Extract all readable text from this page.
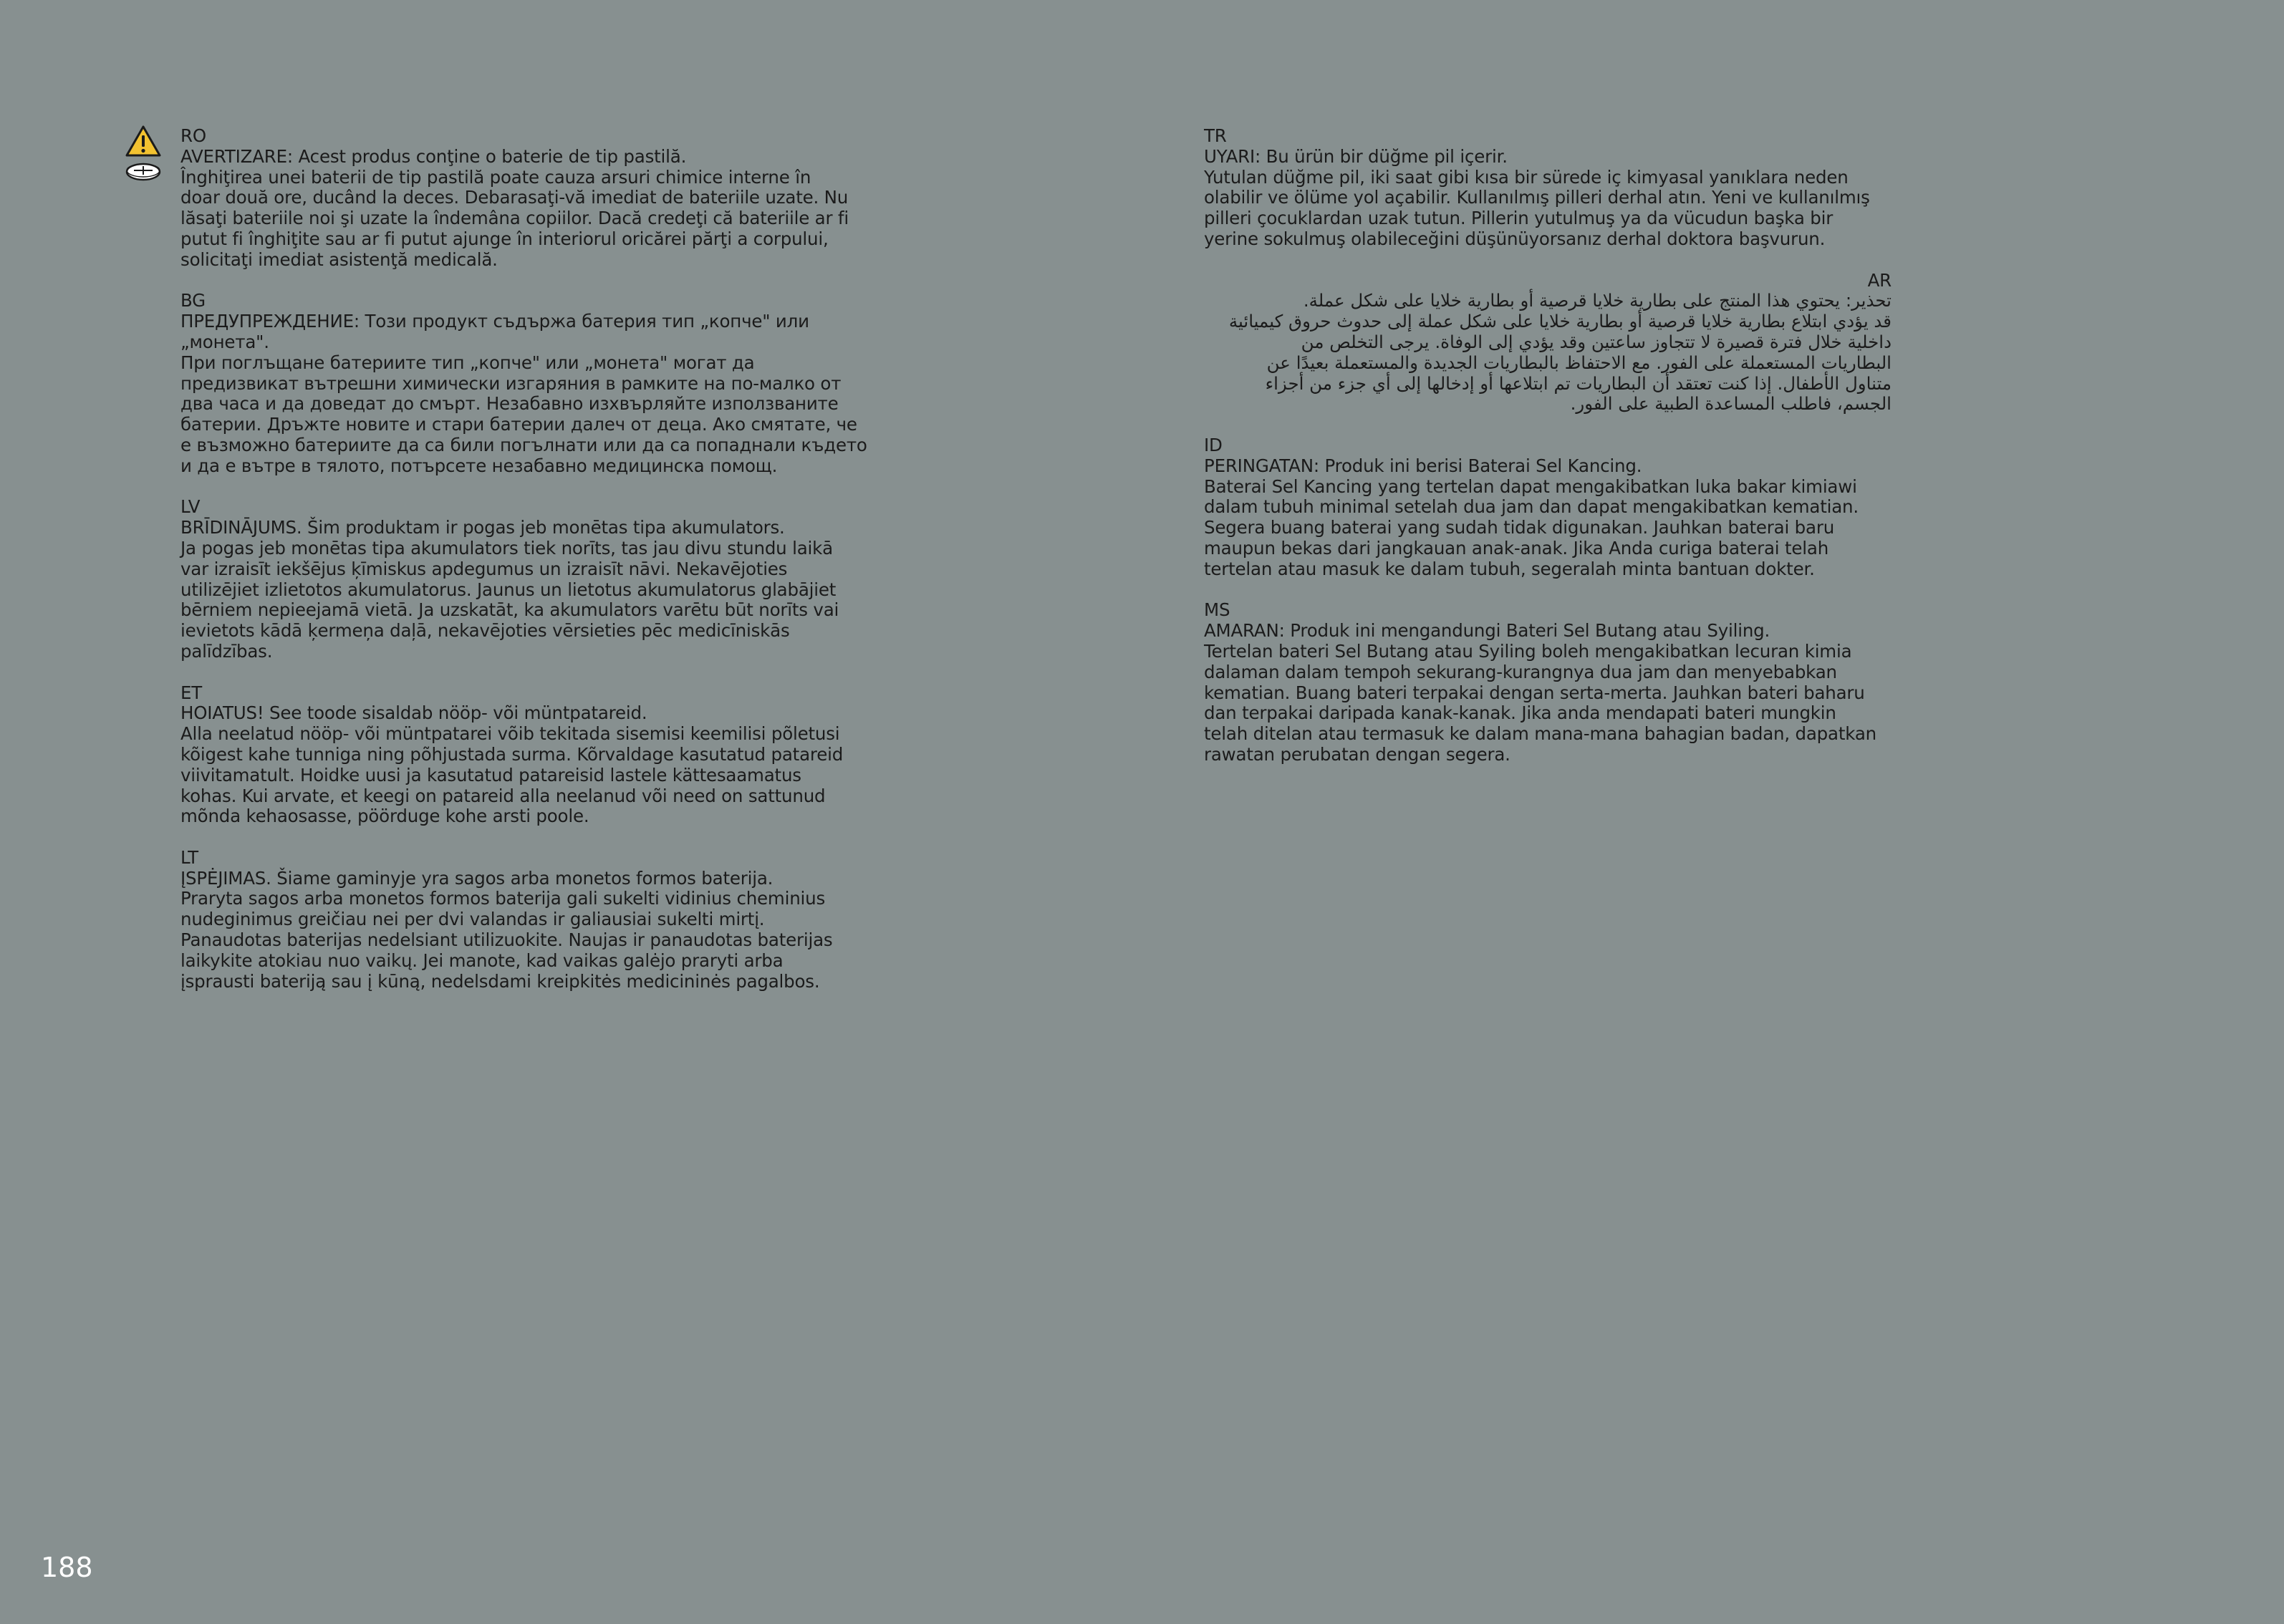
RO

AVERTIZARE: Acest produs conţine o baterie de tip pastilă.

Înghiţirea unei baterii de tip pastilă poate cauza arsuri chimice interne în

doar două ore, ducând la deces. Debarasaţi-vă imediat de bateriile uzate. Nu

lăsaţi bateriile noi şi uzate la îndemâna copiilor. Dacă credeţi că bateriile ar fi

putut fi înghiţite sau ar fi putut ajunge în interiorul oricărei părţi a corpului,

solicitaţi imediat asistenţă medicală.

BG

ПРЕДУПРЕЖДЕНИЕ: Този продукт съдържа батерия тип „копче" или

„монета".

При поглъщане батериите тип „копче" или „монета" могат да

предизвикат вътрешни химически изгаряния в рамките на по-малко от

два часа и да доведат до смърт. Незабавно изхвърляйте използваните

батерии. Дръжте новите и стари батерии далеч от деца. Ако смятате, че

е възможно батериите да са били погълнати или да са попаднали където

и да е вътре в тялото, потърсете незабавно медицинска помощ.

LV

BRĪDINĀJUMS. Šim produktam ir pogas jeb monētas tipa akumulators.

Ja pogas jeb monētas tipa akumulators tiek norīts, tas jau divu stundu laikā

var izraisīt iekšējus ķīmiskus apdegumus un izraisīt nāvi. Nekavējoties

utilizējiet izlietotos akumulatorus. Jaunus un lietotus akumulatorus glabājiet

bērniem nepieejamā vietā. Ja uzskatāt, ka akumulators varētu būt norīts vai

ievietots kādā ķermeņa daļā, nekavējoties vērsieties pēc medicīniskās

palīdzības.

ET

HOIATUS! See toode sisaldab nööp- või müntpatareid.

Alla neelatud nööp- või müntpatarei võib tekitada sisemisi keemilisi põletusi

kõigest kahe tunniga ning põhjustada surma. Kõrvaldage kasutatud patareid

viivitamatult. Hoidke uusi ja kasutatud patareisid lastele kättesaamatus

kohas. Kui arvate, et keegi on patareid alla neelanud või need on sattunud

mõnda kehaosasse, pöörduge kohe arsti poole.

LT

ĮSPĖJIMAS. Šiame gaminyje yra sagos arba monetos formos baterija.

Praryta sagos arba monetos formos baterija gali sukelti vidinius cheminius

nudeginimus greičiau nei per dvi valandas ir galiausiai sukelti mirtį.

Panaudotas baterijas nedelsiant utilizuokite. Naujas ir panaudotas baterijas

laikykite atokiau nuo vaikų. Jei manote, kad vaikas galėjo praryti arba

įsprausti bateriją sau į kūną, nedelsdami kreipkitės medicininės pagalbos.

TR

UYARI: Bu ürün bir düğme pil içerir.

Yutulan düğme pil, iki saat gibi kısa bir sürede iç kimyasal yanıklara neden

olabilir ve ölüme yol açabilir. Kullanılmış pilleri derhal atın. Yeni ve kullanılmış

pilleri çocuklardan uzak tutun. Pillerin yutulmuş ya da vücudun başka bir

yerine sokulmuş olabileceğini düşünüyorsanız derhal doktora başvurun.

AR

تحذير: يحتوي هذا المنتج على بطارية خلايا قرصية أو بطارية خلايا على شكل عملة.

قد يؤدي ابتلاع بطارية خلايا قرصية أو بطارية خلايا على شكل عملة إلى حدوث حروق كيميائية

داخلية خلال فترة قصيرة لا تتجاوز ساعتين وقد يؤدي إلى الوفاة. يرجى التخلص من

البطاريات المستعملة على الفور. مع الاحتفاظ بالبطاريات الجديدة والمستعملة بعيدًا عن

متناول الأطفال. إذا كنت تعتقد أن البطاريات تم ابتلاعها أو إدخالها إلى أي جزء من أجزاء

الجسم، فاطلب المساعدة الطبية على الفور.

ID

PERINGATAN: Produk ini berisi Baterai Sel Kancing.

Baterai Sel Kancing yang tertelan dapat mengakibatkan luka bakar kimiawi

dalam tubuh minimal setelah dua jam dan dapat mengakibatkan kematian.

Segera buang baterai yang sudah tidak digunakan. Jauhkan baterai baru

maupun bekas dari jangkauan anak-anak. Jika Anda curiga baterai telah

tertelan atau masuk ke dalam tubuh, segeralah minta bantuan dokter.

MS

AMARAN: Produk ini mengandungi Bateri Sel Butang atau Syiling.

Tertelan bateri Sel Butang atau Syiling boleh mengakibatkan lecuran kimia

dalaman dalam tempoh sekurang-kurangnya dua jam dan menyebabkan

kematian. Buang bateri terpakai dengan serta-merta. Jauhkan bateri baharu

dan terpakai daripada kanak-kanak. Jika anda mendapati bateri mungkin

telah ditelan atau termasuk ke dalam mana-mana bahagian badan, dapatkan

rawatan perubatan dengan segera.

188
